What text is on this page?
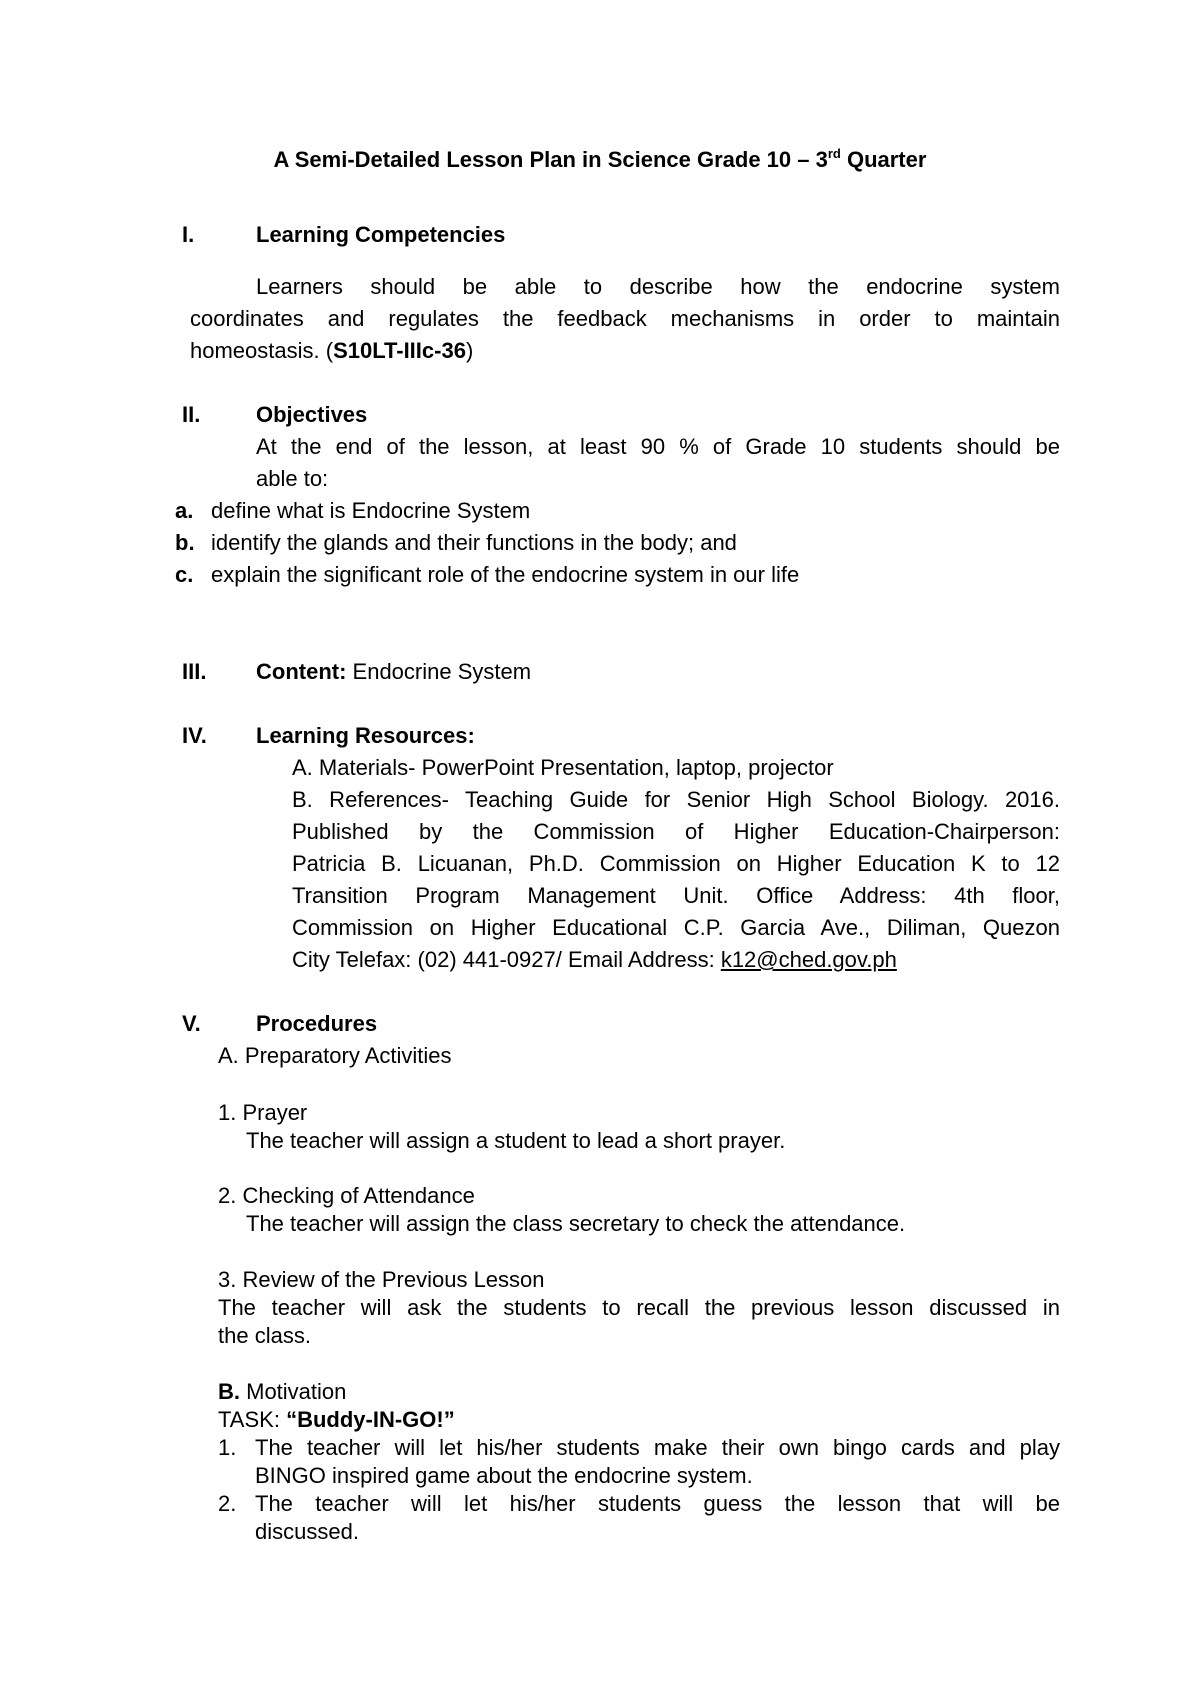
A Semi-Detailed Lesson Plan in Science Grade 10 – 3rd Quarter
I.	Learning Competencies
Learners should be able to describe how the endocrine system
coordinates and regulates the feedback mechanisms in order to maintain
homeostasis. (S10LT-IIIc-36)
II.	Objectives
At the end of the lesson, at least 90 % of Grade 10 students should be
able to:
a. define what is Endocrine System
b. identify the glands and their functions in the body; and
c. explain the significant role of the endocrine system in our life
III. Content: Endocrine System
IV. Learning Resources:
A. Materials- PowerPoint Presentation, laptop, projector
B. References- Teaching Guide for Senior High School Biology. 2016.
Published by the Commission of Higher Education-Chairperson:
Patricia B. Licuanan, Ph.D. Commission on Higher Education K to 12
Transition Program Management Unit. Office Address: 4th floor,
Commission on Higher Educational C.P. Garcia Ave., Diliman, Quezon
City Telefax: (02) 441-0927/ Email Address: k12@ched.gov.ph
V.	Procedures
A. Preparatory Activities
1. Prayer
The teacher will assign a student to lead a short prayer.
2. Checking of Attendance
The teacher will assign the class secretary to check the attendance.
3. Review of the Previous Lesson
The teacher will ask the students to recall the previous lesson discussed in
the class.
B. Motivation
TASK: “Buddy-IN-GO!”
1. The teacher will let his/her students make their own bingo cards and play
BINGO inspired game about the endocrine system.
2. The teacher will let his/her students guess the lesson that will be
discussed.
